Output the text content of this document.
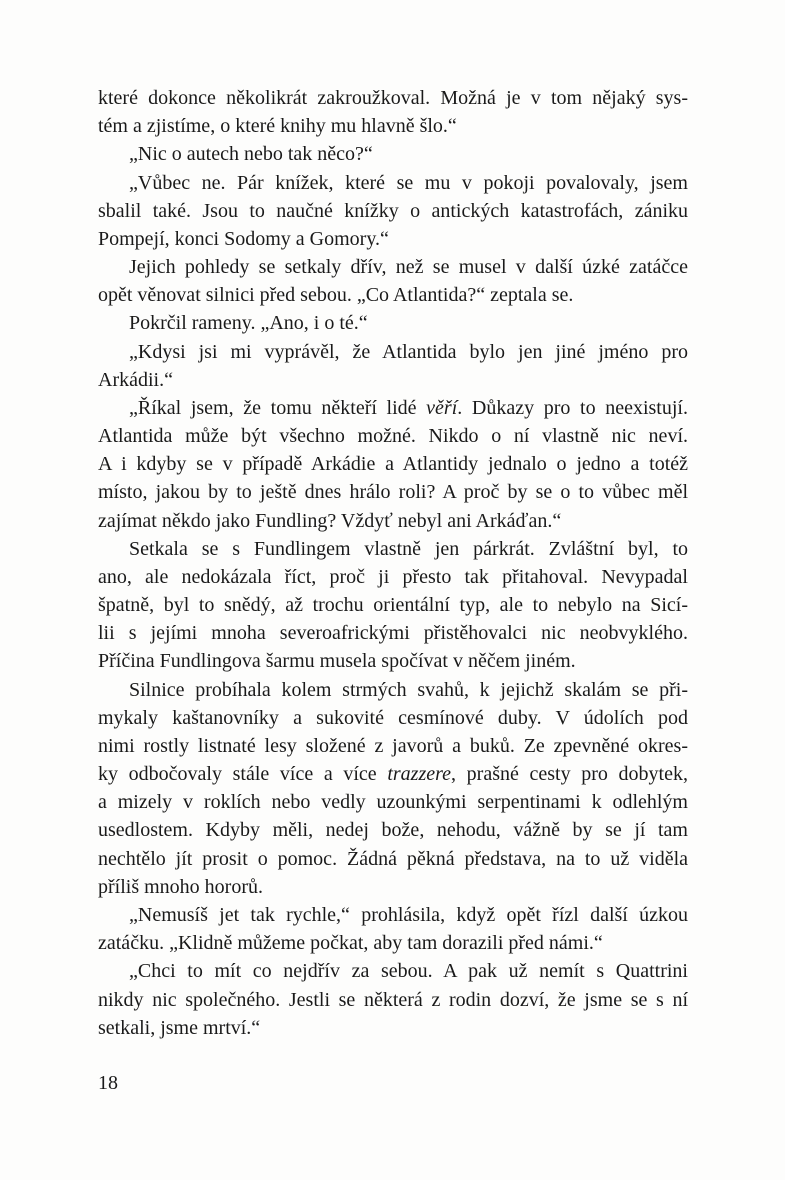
které dokonce několikrát zakroužkoval. Možná je v tom nějaký sys-
tém a zjistíme, o které knihy mu hlavně šlo.“
„Nic o autech nebo tak něco?“
„Vůbec ne. Pár knížek, které se mu v pokoji povalovaly, jsem
sbalil také. Jsou to naučné knížky o antických katastrofách, zániku
Pompejí, konci Sodomy a Gomory.“
Jejich pohledy se setkaly dřív, než se musel v další úzké zatáčce
opět věnovat silnici před sebou. „Co Atlantida?“ zeptala se.
Pokrčil rameny. „Ano, i o té.“
„Kdysi jsi mi vyprávěl, že Atlantida bylo jen jiné jméno pro
Arkádii.“
„Říkal jsem, že tomu někteří lidé věří. Důkazy pro to neexistují.
Atlantida může být všechno možné. Nikdo o ní vlastně nic neví.
A i kdyby se v případě Arkádie a Atlantidy jednalo o jedno a totéž
místo, jakou by to ještě dnes hrálo roli? A proč by se o to vůbec měl
zajímat někdo jako Fundling? Vždyť nebyl ani Arkáďan.“
Setkala se s Fundlingem vlastně jen párkrát. Zvláštní byl, to
ano, ale nedokázala říct, proč ji přesto tak přitahoval. Nevypadal
špatně, byl to snědý, až trochu orientální typ, ale to nebylo na Sicí-
lii s jejími mnoha severoafrickými přistěhovalci nic neobvyklého.
Příčina Fundlingova šarmu musela spočívat v něčem jiném.
Silnice probíhala kolem strmých svahů, k jejichž skalám se při-
mykaly kaštanovníky a sukovité cesmínové duby. V údolích pod
nimi rostly listnaté lesy složené z javorů a buků. Ze zpevněné okres-
ky odbočovaly stále více a více trazzere, prašné cesty pro dobytek,
a mizely v roklích nebo vedly uzounkými serpentinami k odlehlým
usedlostem. Kdyby měli, nedej bože, nehodu, vážně by se jí tam
nechtělo jít prosit o pomoc. Žádná pěkná představa, na to už viděla
příliš mnoho hororů.
„Nemusíš jet tak rychle,“ prohlásila, když opět řízl další úzkou
zatáčku. „Klidně můžeme počkat, aby tam dorazili před námi.“
„Chci to mít co nejdřív za sebou. A pak už nemít s Quattrini
nikdy nic společného. Jestli se některá z rodin dozví, že jsme se s ní
setkali, jsme mrtví.“
18
